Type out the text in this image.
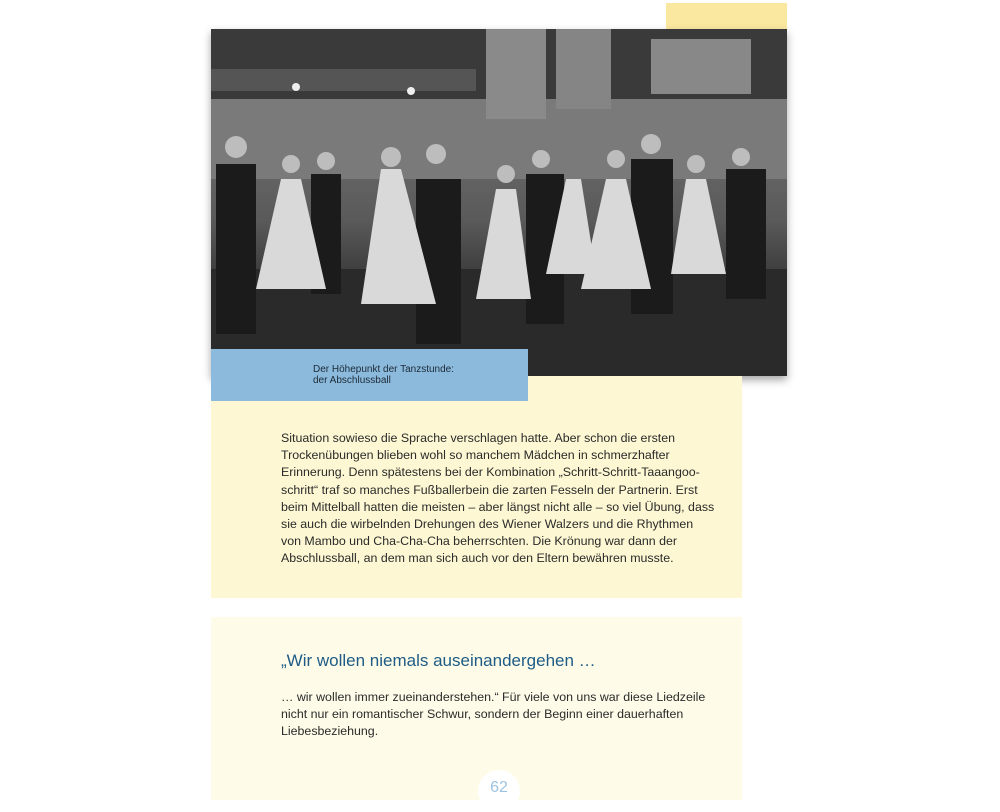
Der Höhepunkt der Tanzstunde:
der Abschlussball

Situation sowieso die Sprache verschlagen hatte. Aber schon die ersten
Trockenübungen blieben wohl so manchem Mädchen in schmerzhafter
Erinnerung. Denn spätestens bei der Kombination „Schritt-Schritt-Taaangoo-
schritt“ traf so manches Fußballerbein die zarten Fesseln der Partnerin. Erst
beim Mittelball hatten die meisten – aber längst nicht alle – so viel Übung, dass
sie auch die wirbelnden Drehungen des Wiener Walzers und die Rhythmen
von Mambo und Cha-Cha-Cha beherrschten. Die Krönung war dann der
Abschlussball, an dem man sich auch vor den Eltern bewähren musste.

„Wir wollen niemals auseinandergehen …

… wir wollen immer zueinanderstehen.“ Für viele von uns war diese Liedzeile
nicht nur ein romantischer Schwur, sondern der Beginn einer dauerhaften
Liebesbeziehung.

62
